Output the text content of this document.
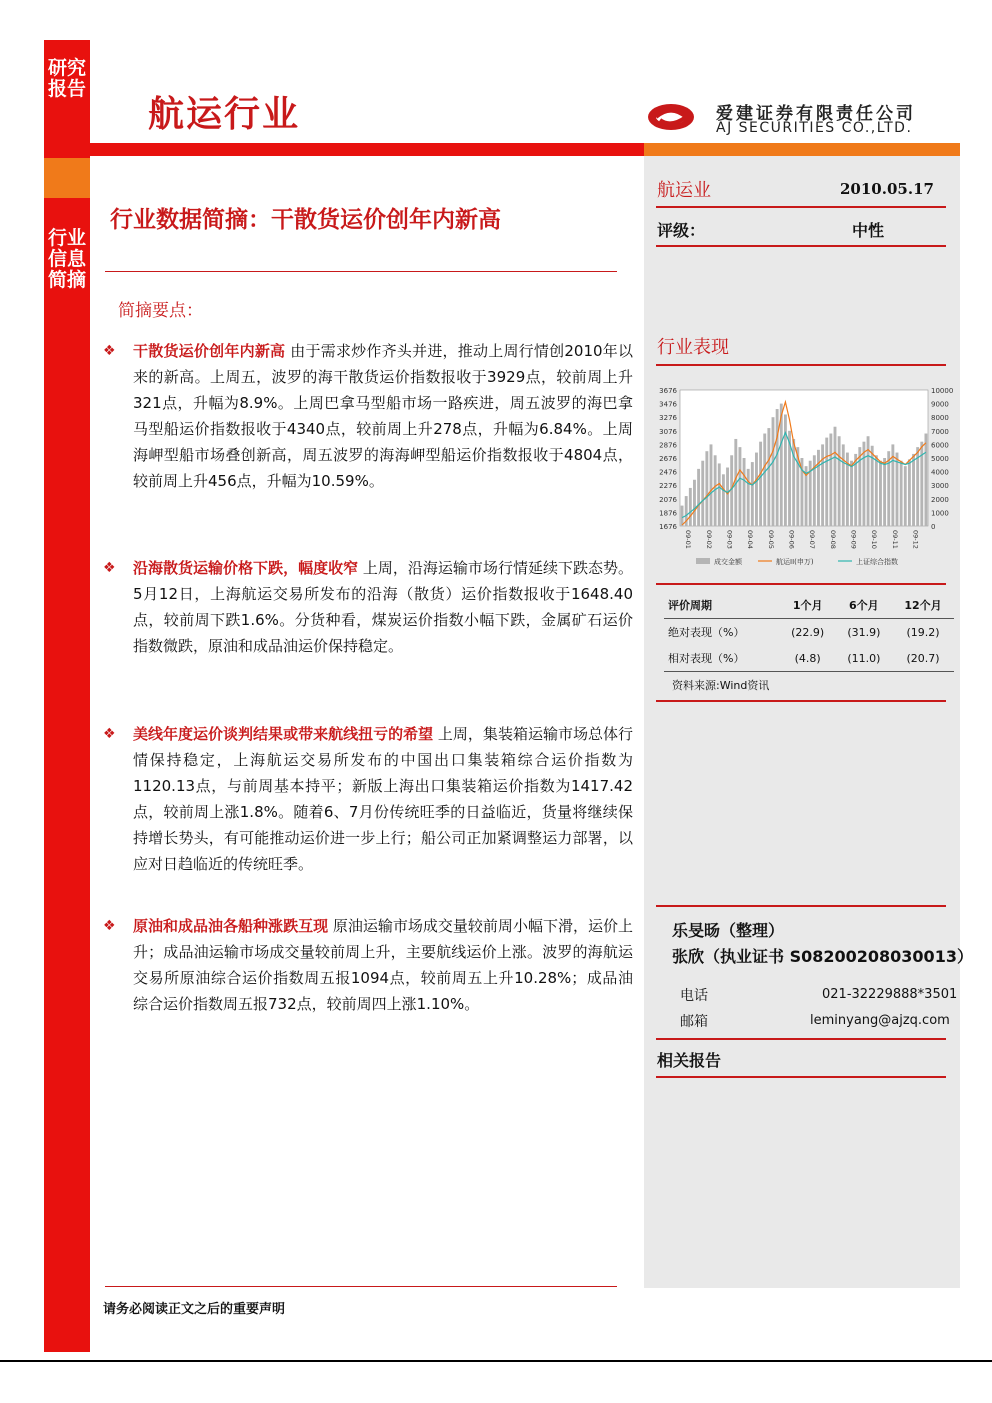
研究报告
行业信息简摘
航运行业	爱建证券有限责任公司
AJ SECURITIES CO.,LTD.
行业数据简摘：干散货运价创年内新高
简摘要点：
❖	干散货运价创年内新高 由于需求炒作齐头并进，推动上周行情创2010年以来的新高。上周五，波罗的海干散货运价指数报收于3929点，较前周上升321点，升幅为8.9%。上周巴拿马型船市场一路疾进，周五波罗的海巴拿马型船运价指数报收于4340点，较前周上升278点，升幅为6.84%。上周海岬型船市场叠创新高，周五波罗的海海岬型船运价指数报收于4804点，较前周上升456点，升幅为10.59%。
❖	沿海散货运输价格下跌，幅度收窄 上周，沿海运输市场行情延续下跌态势。5月12日，上海航运交易所发布的沿海（散货）运价指数报收于1648.40点，较前周下跌1.6%。分货种看，煤炭运价指数小幅下跌，金属矿石运价指数微跌，原油和成品油运价保持稳定。
❖	美线年度运价谈判结果或带来航线扭亏的希望 上周，集装箱运输市场总体行情保持稳定，上海航运交易所发布的中国出口集装箱综合运价指数为1120.13点，与前周基本持平；新版上海出口集装箱运价指数为1417.42点，较前周上涨1.8%。随着6、7月份传统旺季的日益临近，货量将继续保持增长势头，有可能推动运价进一步上行；船公司正加紧调整运力部署，以应对日趋临近的传统旺季。
❖	原油和成品油各船种涨跌互现 原油运输市场成交量较前周小幅下滑，运价上升；成品油运输市场成交量较前周上升，主要航线运价上涨。波罗的海航运交易所原油综合运价指数周五报1094点，较前周五上升10.28%；成品油综合运价指数周五报732点，较前周四上涨1.10%。
请务必阅读正文之后的重要声明
航运业	2010.05.17
评级：	中性
行业表现
3676
3476
3276
3076
2876
2676
2476
2276
2076
1876
1676
10000
9000
8000
7000
6000
5000
4000
3000
2000
1000
0
09-01 09-02 09-03 09-04 09-05 09-06 09-07 09-08 09-09 09-10 09-11 09-12
成交金额	航运II(申万)	上证综合指数
评价周期	1个月	6个月	12个月
绝对表现（%）	(22.9)	(31.9)	(19.2)
相对表现（%）	(4.8)	(11.0)	(20.7)
资料来源:Wind资讯
乐旻旸（整理）
张欣（执业证书 S08200208030013）
电话	021-32229888*3501
邮箱	leminyang@ajzq.com
相关报告
